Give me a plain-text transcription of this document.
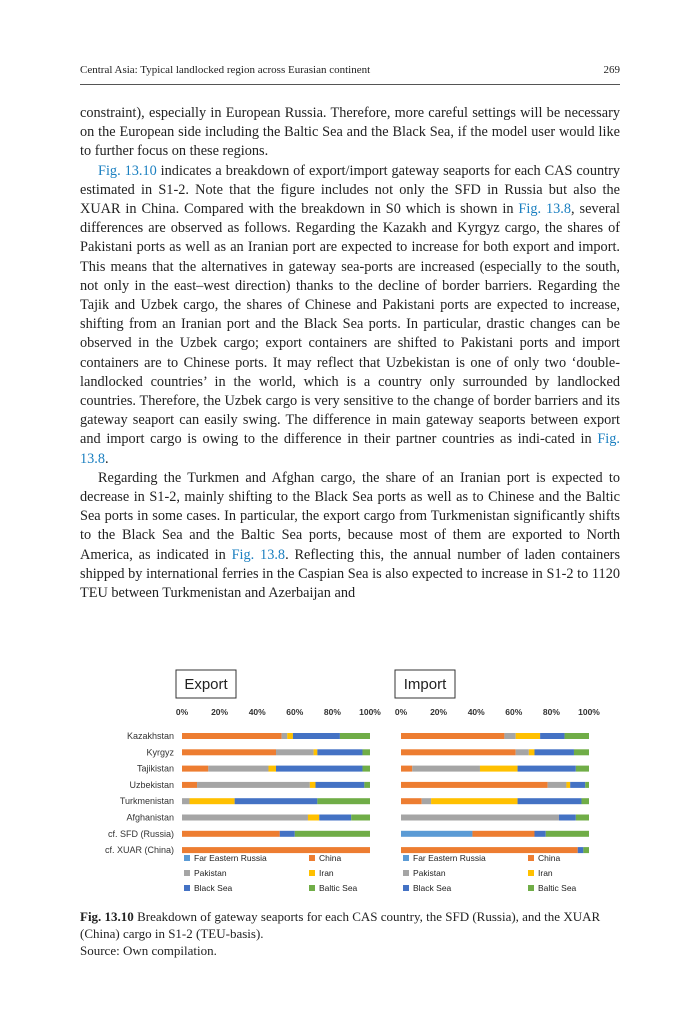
Central Asia: Typical landlocked region across Eurasian continent	269

constraint), especially in European Russia. Therefore, more careful settings will be necessary on the European side including the Baltic Sea and the Black Sea, if the model user would like to further focus on these regions.

Fig. 13.10 indicates a breakdown of export/import gateway seaports for each CAS country estimated in S1-2. Note that the figure includes not only the SFD in Russia but also the XUAR in China. Compared with the breakdown in S0 which is shown in Fig. 13.8, several differences are observed as follows. Regarding the Kazakh and Kyrgyz cargo, the shares of Pakistani ports as well as an Iranian port are expected to increase for both export and import. This means that the alternatives in gateway sea-ports are increased (especially to the south, not only in the east–west direction) thanks to the decline of border barriers. Regarding the Tajik and Uzbek cargo, the shares of Chinese and Pakistani ports are expected to increase, shifting from an Iranian port and the Black Sea ports. In particular, drastic changes can be observed in the Uzbek cargo; export containers are shifted to Pakistani ports and import containers are to Chinese ports. It may reflect that Uzbekistan is one of only two ‘double-landlocked countries’ in the world, which is a country only surrounded by landlocked countries. Therefore, the Uzbek cargo is very sensitive to the change of border barriers and its gateway seaport can easily swing. The difference in main gateway seaports between export and import cargo is owing to the difference in their partner countries as indi-cated in Fig. 13.8.

Regarding the Turkmen and Afghan cargo, the share of an Iranian port is expected to decrease in S1-2, mainly shifting to the Black Sea ports as well as to Chinese and the Baltic Sea ports in some cases. In particular, the export cargo from Turkmenistan significantly shifts to the Black Sea and the Baltic Sea ports, because most of them are exported to North America, as indicated in Fig. 13.8. Reflecting this, the annual number of laden containers shipped by international ferries in the Caspian Sea is also expected to increase in S1-2 to 1120 TEU between Turkmenistan and Azerbaijan and

Kazakhstan
Kyrgyz
Tajikistan
Uzbekistan
Turkmenistan
Afghanistan
cf. SFD (Russia)
cf. XUAR (China)
Export
0%	20% 40% 60% 80% 100%
Far Eastern Russia	China
Pakistan	Iran
Black Sea	Baltic Sea
Import
0%	20% 40% 60% 80% 100%
Far Eastern Russia	China
Pakistan	Iran
Black Sea	Baltic Sea
Fig. 13.10 Breakdown of gateway seaports for each CAS country, the SFD (Russia), and the XUAR (China) cargo in S1-2 (TEU-basis).
Source: Own compilation.
